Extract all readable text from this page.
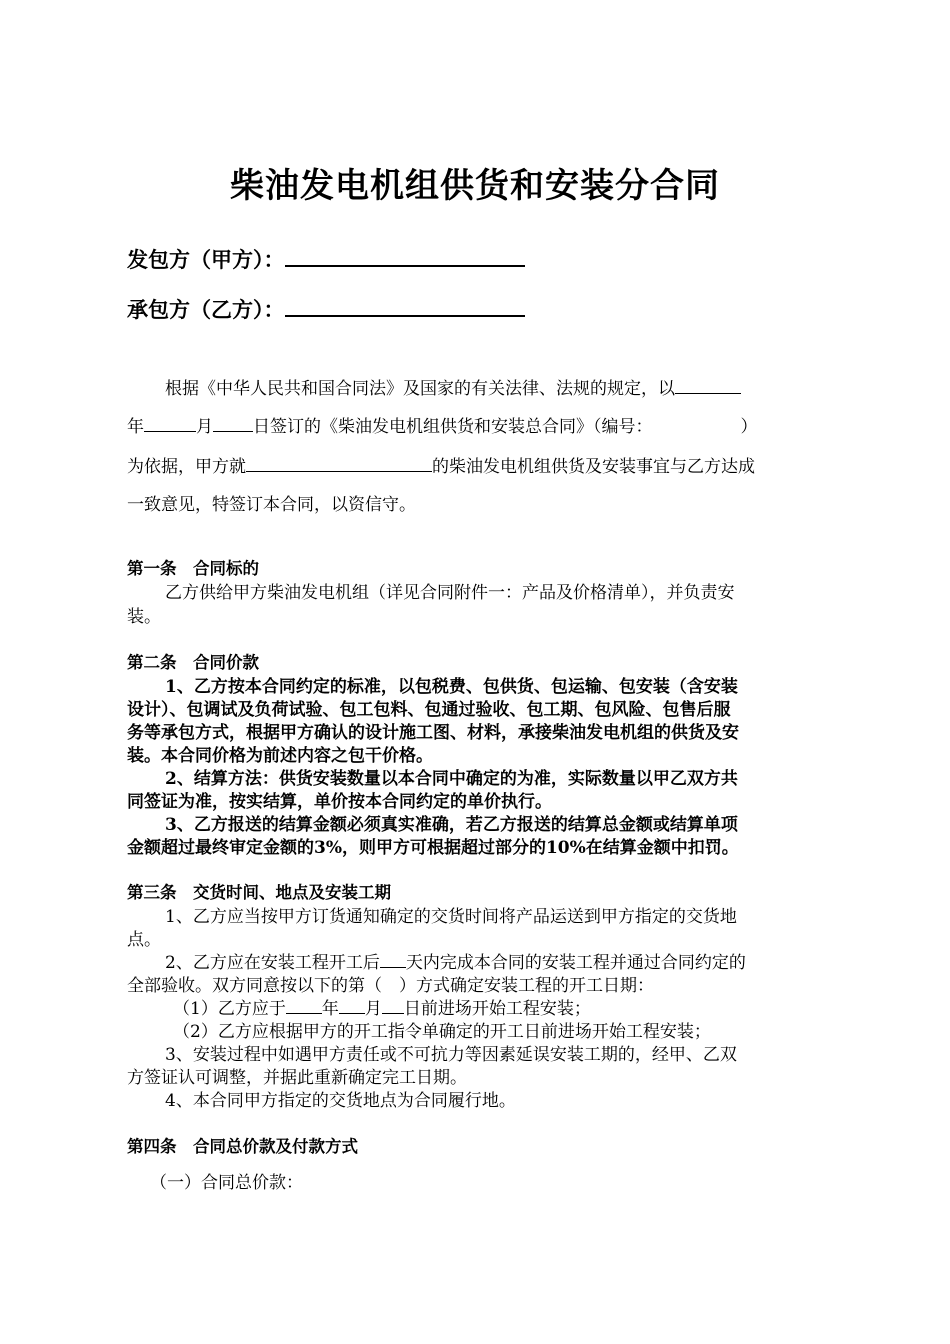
柴油发电机组供货和安装分合同
发包方（甲方）：
承包方（乙方）：
根据《中华人民共和国合同法》及国家的有关法律、法规的规定，以
年	月 日签订的《柴油发电机组供货和安装总合同》（编号：	）
为依据，甲方就	的柴油发电机组供货及安装事宜与乙方达成
一致意见，特签订本合同，以资信守。
第一条　合同标的
乙方供给甲方柴油发电机组（详见合同附件一：产品及价格清单），并负责安
装。
第二条　合同价款
1、乙方按本合同约定的标准，以包税费、包供货、包运输、包安装（含安装
设计）、包调试及负荷试验、包工包料、包通过验收、包工期、包风险、包售后服
务等承包方式，根据甲方确认的设计施工图、材料，承接柴油发电机组的供货及安
装。本合同价格为前述内容之包干价格。
2、结算方法：供货安装数量以本合同中确定的为准，实际数量以甲乙双方共
同签证为准，按实结算，单价按本合同约定的单价执行。
3、乙方报送的结算金额必须真实准确，若乙方报送的结算总金额或结算单项
金额超过最终审定金额的3%，则甲方可根据超过部分的10%在结算金额中扣罚。
第三条　交货时间、地点及安装工期
1、乙方应当按甲方订货通知确定的交货时间将产品运送到甲方指定的交货地
点。
2、乙方应在安装工程开工后 天内完成本合同的安装工程并通过合同约定的
全部验收。双方同意按以下的第（　）方式确定安装工程的开工日期：
（1）乙方应于 年 月 日前进场开始工程安装；
（2）乙方应根据甲方的开工指令单确定的开工日前进场开始工程安装；
3、安装过程中如遇甲方责任或不可抗力等因素延误安装工期的，经甲、乙双
方签证认可调整，并据此重新确定完工日期。
4、本合同甲方指定的交货地点为合同履行地。
第四条　合同总价款及付款方式
（一）合同总价款：
